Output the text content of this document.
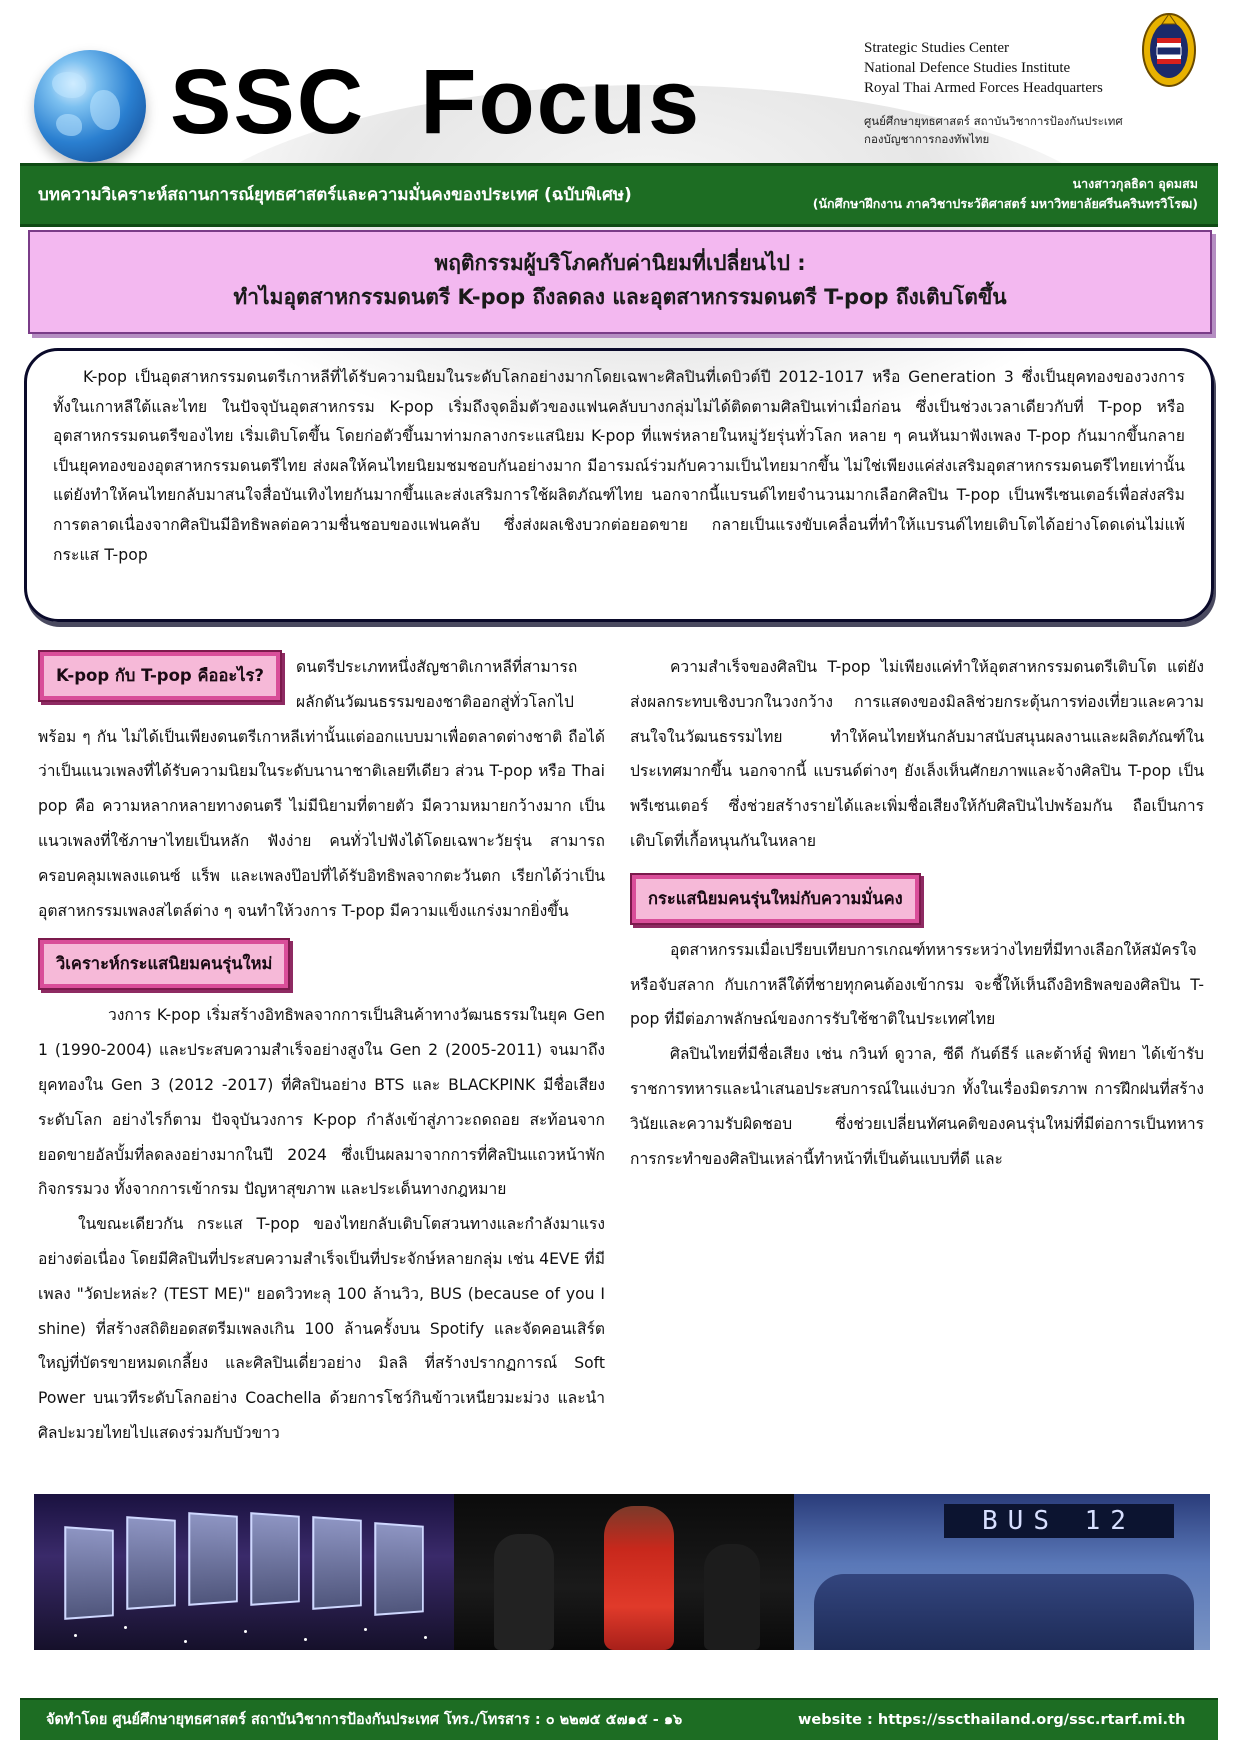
SSC  Focus
Strategic Studies Center
National Defence Studies Institute
Royal Thai Armed Forces Headquarters
ศูนย์ศึกษายุทธศาสตร์ สถาบันวิชาการป้องกันประเทศ
กองบัญชาการกองทัพไทย
บทความวิเคราะห์สถานการณ์ยุทธศาสตร์และความมั่นคงของประเทศ (ฉบับพิเศษ)
นางสาวกุลธิดา อุดมสม
(นักศึกษาฝึกงาน ภาควิชาประวัติศาสตร์ มหาวิทยาลัยศรีนครินทรวิโรฒ)
พฤติกรรมผู้บริโภคกับค่านิยมที่เปลี่ยนไป :
ทำไมอุตสาหกรรมดนตรี K-pop ถึงลดลง และอุตสาหกรรมดนตรี T-pop ถึงเติบโตขึ้น

K-pop เป็นอุตสาหกรรมดนตรีเกาหลีที่ได้รับความนิยมในระดับโลกอย่างมากโดยเฉพาะศิลปินที่เดบิวต์ปี 2012-1017 หรือ Generation 3 ซึ่งเป็นยุคทองของวงการทั้งในเกาหลีใต้และไทย ในปัจจุบันอุตสาหกรรม K-pop เริ่มถึงจุดอิ่มตัวของแฟนคลับบางกลุ่มไม่ได้ติดตามศิลปินเท่าเมื่อก่อน ซึ่งเป็นช่วงเวลาเดียวกับที่ T-pop หรือ อุตสาหกรรมดนตรีของไทย เริ่มเติบโตขึ้น โดยก่อตัวขึ้นมาท่ามกลางกระแสนิยม K-pop ที่แพร่หลายในหมู่วัยรุ่นทั่วโลก หลาย ๆ คนหันมาฟังเพลง T-pop กันมากขึ้นกลายเป็นยุคทองของอุตสาหกรรมดนตรีไทย ส่งผลให้คนไทยนิยมชมชอบกันอย่างมาก มีอารมณ์ร่วมกับความเป็นไทยมากขึ้น ไม่ใช่เพียงแค่ส่งเสริมอุตสาหกรรมดนตรีไทยเท่านั้นแต่ยังทำให้คนไทยกลับมาสนใจสื่อบันเทิงไทยกันมากขึ้นและส่งเสริมการใช้ผลิตภัณฑ์ไทย นอกจากนี้แบรนด์ไทยจำนวนมากเลือกศิลปิน T-pop เป็นพรีเซนเตอร์เพื่อส่งสริมการตลาดเนื่องจากศิลปินมีอิทธิพลต่อความชื่นชอบของแฟนคลับ ซึ่งส่งผลเชิงบวกต่อยอดขาย กลายเป็นแรงขับเคลื่อนที่ทำให้แบรนด์ไทยเติบโตได้อย่างโดดเด่นไม่แพ้กระแส T-pop

K-pop กับ T-pop คืออะไร?	ดนตรีประเภทหนึ่งสัญชาติเกาหลีที่สามารถผลักดันวัฒนธรรมของชาติออกสู่ทั่วโลกไปพร้อม ๆ กัน ไม่ได้เป็นเพียงดนตรีเกาหลีเท่านั้นแต่ออกแบบมาเพื่อตลาดต่างชาติ ถือได้ว่าเป็นแนวเพลงที่ได้รับความนิยมในระดับนานาชาติเลยทีเดียว ส่วน T-pop หรือ Thai pop คือ ความหลากหลายทางดนตรี ไม่มีนิยามที่ตายตัว มีความหมายกว้างมาก เป็นแนวเพลงที่ใช้ภาษาไทยเป็นหลัก ฟังง่าย คนทั่วไปฟังได้โดยเฉพาะวัยรุ่น สามารถครอบคลุมเพลงแดนซ์ แร็พ และเพลงป๊อปที่ได้รับอิทธิพลจากตะวันตก เรียกได้ว่าเป็นอุตสาหกรรมเพลงสไตล์ต่าง ๆ จนทำให้วงการ T-pop มีความแข็งแกร่งมากยิ่งขึ้น

วิเคราะห์กระแสนิยมคนรุ่นใหม่

วงการ K-pop เริ่มสร้างอิทธิพลจากการเป็นสินค้าทางวัฒนธรรมในยุค Gen 1 (1990-2004) และประสบความสำเร็จอย่างสูงใน Gen 2 (2005-2011) จนมาถึงยุคทองใน Gen 3 (2012 -2017) ที่ศิลปินอย่าง BTS และ BLACKPINK มีชื่อเสียงระดับโลก อย่างไรก็ตาม ปัจจุบันวงการ K-pop กำลังเข้าสู่ภาวะถดถอย สะท้อนจากยอดขายอัลบั้มที่ลดลงอย่างมากในปี 2024 ซึ่งเป็นผลมาจากการที่ศิลปินแถวหน้าพักกิจกรรมวง ทั้งจากการเข้ากรม ปัญหาสุขภาพ และประเด็นทางกฎหมาย

ในขณะเดียวกัน กระแส T-pop ของไทยกลับเติบโตสวนทางและกำลังมาแรงอย่างต่อเนื่อง โดยมีศิลปินที่ประสบความสำเร็จเป็นที่ประจักษ์หลายกลุ่ม เช่น 4EVE ที่มีเพลง "วัดปะหล่ะ? (TEST ME)" ยอดวิวทะลุ 100 ล้านวิว, BUS (because of you I shine) ที่สร้างสถิติยอดสตรีมเพลงเกิน 100 ล้านครั้งบน Spotify และจัดคอนเสิร์ตใหญ่ที่บัตรขายหมดเกลี้ยง และศิลปินเดี่ยวอย่าง มิลลิ ที่สร้างปรากฏการณ์ Soft Power บนเวทีระดับโลกอย่าง Coachella ด้วยการโชว์กินข้าวเหนียวมะม่วง และนำศิลปะมวยไทยไปแสดงร่วมกับบัวขาว

ความสำเร็จของศิลปิน T-pop ไม่เพียงแค่ทำให้อุตสาหกรรมดนตรีเติบโต แต่ยังส่งผลกระทบเชิงบวกในวงกว้าง การแสดงของมิลลิช่วยกระตุ้นการท่องเที่ยวและความสนใจในวัฒนธรรมไทย ทำให้คนไทยหันกลับมาสนับสนุนผลงานและผลิตภัณฑ์ในประเทศมากขึ้น นอกจากนี้ แบรนด์ต่างๆ ยังเล็งเห็นศักยภาพและจ้างศิลปิน T-pop เป็นพรีเซนเตอร์ ซึ่งช่วยสร้างรายได้และเพิ่มชื่อเสียงให้กับศิลปินไปพร้อมกัน ถือเป็นการเติบโตที่เกื้อหนุนกันในหลาย

กระแสนิยมคนรุ่นใหม่กับความมั่นคง

อุตสาหกรรมเมื่อเปรียบเทียบการเกณฑ์ทหารระหว่างไทยที่มีทางเลือกให้สมัครใจหรือจับสลาก กับเกาหลีใต้ที่ชายทุกคนต้องเข้ากรม จะชี้ให้เห็นถึงอิทธิพลของศิลปิน T-pop ที่มีต่อภาพลักษณ์ของการรับใช้ชาติในประเทศไทย

ศิลปินไทยที่มีชื่อเสียง เช่น กวินท์ ดูวาล, ซีดี กันต์ธีร์ และต้าห์อู๋ พิทยา ได้เข้ารับราชการทหารและนำเสนอประสบการณ์ในแง่บวก ทั้งในเรื่องมิตรภาพ การฝึกฝนที่สร้างวินัยและความรับผิดชอบ ซึ่งช่วยเปลี่ยนทัศนคติของคนรุ่นใหม่ที่มีต่อการเป็นทหาร การกระทำของศิลปินเหล่านี้ทำหน้าที่เป็นต้นแบบที่ดี และ

BUS 12
จัดทำโดย ศูนย์ศึกษายุทธศาสตร์ สถาบันวิชาการป้องกันประเทศ โทร./โทรสาร : ๐ ๒๒๗๕ ๕๗๑๕ - ๑๖	website : https://sscthailand.org/ssc.rtarf.mi.th
